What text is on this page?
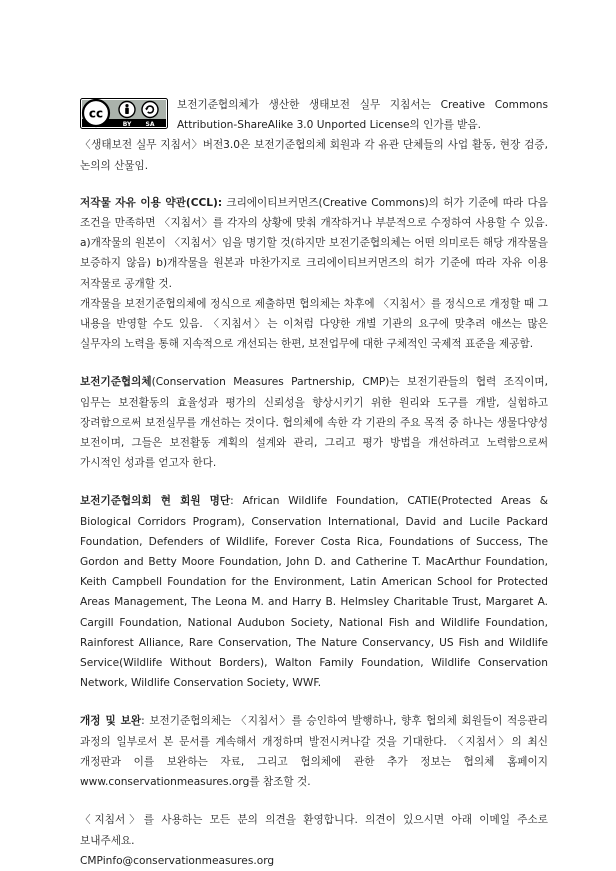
cc
BY SA

보전기준협의체가 생산한 생태보전 실무 지침서는 Creative Commons Attribution-ShareAlike 3.0 Unported License의 인가를 받음.

〈생태보전 실무 지침서〉버전3.0은 보전기준협의체 회원과 각 유관 단체들의 사업 활동, 현장 검증, 논의의 산물임.

저작물 자유 이용 약관(CCL): 크리에이티브커먼즈(Creative Commons)의 허가 기준에 따라 다음 조건을 만족하면 〈지침서〉를 각자의 상황에 맞춰 개작하거나 부분적으로 수정하여 사용할 수 있음. a)개작물의 원본이 〈지침서〉임을 명기할 것(하지만 보전기준협의체는 어떤 의미로든 해당 개작물을 보증하지 않음) b)개작물을 원본과 마찬가지로 크리에이티브커먼즈의 허가 기준에 따라 자유 이용 저작물로 공개할 것.

개작물을 보전기준협의체에 정식으로 제출하면 협의체는 차후에 〈지침서〉를 정식으로 개정할 때 그 내용을 반영할 수도 있음. 〈지침서〉는 이처럼 다양한 개별 기관의 요구에 맞추려 애쓰는 많은 실무자의 노력을 통해 지속적으로 개선되는 한편, 보전업무에 대한 구체적인 국제적 표준을 제공함.

보전기준협의체(Conservation Measures Partnership, CMP)는 보전기관들의 협력 조직이며, 임무는 보전활동의 효율성과 평가의 신뢰성을 향상시키기 위한 원리와 도구를 개발, 실험하고 장려함으로써 보전실무를 개선하는 것이다. 협의체에 속한 각 기관의 주요 목적 중 하나는 생물다양성 보전이며, 그들은 보전활동 계획의 설계와 관리, 그리고 평가 방법을 개선하려고 노력함으로써 가시적인 성과를 얻고자 한다.

보전기준협의회 현 회원 명단: African Wildlife Foundation, CATIE(Protected Areas & Biological Corridors Program), Conservation International, David and Lucile Packard Foundation, Defenders of Wildlife, Forever Costa Rica, Foundations of Success, The Gordon and Betty Moore Foundation, John D. and Catherine T. MacArthur Foundation, Keith Campbell Foundation for the Environment, Latin American School for Protected Areas Management, The Leona M. and Harry B. Helmsley Charitable Trust, Margaret A. Cargill Foundation, National Audubon Society, National Fish and Wildlife Foundation, Rainforest Alliance, Rare Conservation, The Nature Conservancy, US Fish and Wildlife Service(Wildlife Without Borders), Walton Family Foundation, Wildlife Conservation Network, Wildlife Conservation Society, WWF.

개정 및 보완: 보전기준협의체는 〈지침서〉를 승인하여 발행하나, 향후 협의체 회원들이 적응관리 과정의 일부로서 본 문서를 계속해서 개정하며 발전시켜나갈 것을 기대한다. 〈지침서〉의 최신 개정판과 이를 보완하는 자료, 그리고 협의체에 관한 추가 정보는 협의체 홈페이지 www.conservationmeasures.org를 참조할 것.

〈지침서〉를 사용하는 모든 분의 의견을 환영합니다. 의견이 있으시면 아래 이메일 주소로 보내주세요.

CMPinfo@conservationmeasures.org
